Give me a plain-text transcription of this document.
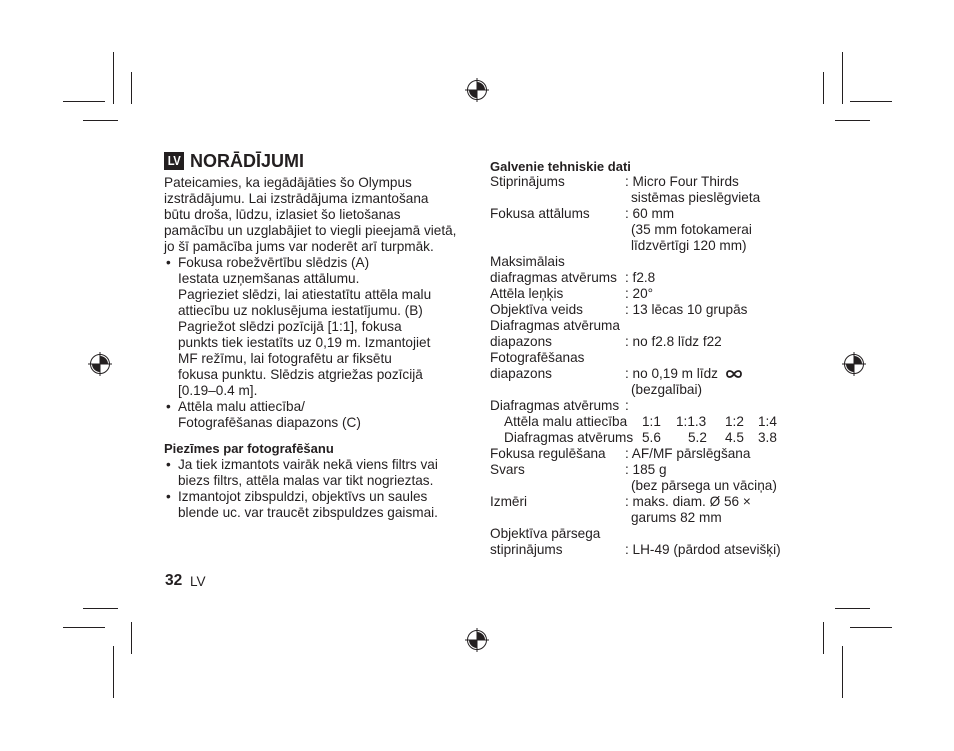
LV NORĀDĪJUMI
Pateicamies, ka iegādājāties šo Olympus
izstrādājumu. Lai izstrādājuma izmantošana
būtu droša, lūdzu, izlasiet šo lietošanas
pamācību un uzglabājiet to viegli pieejamā vietā,
jo šī pamācība jums var noderēt arī turpmāk.
• Fokusa robežvērtību slēdzis (A)
Iestata uzņemšanas attālumu.
Pagrieziet slēdzi, lai atiestatītu attēla malu
attiecību uz noklusējuma iestatījumu. (B)
Pagriežot slēdzi pozīcijā [1:1], fokusa
punkts tiek iestatīts uz 0,19 m. Izmantojiet
MF režīmu, lai fotografētu ar fiksētu
fokusa punktu. Slēdzis atgriežas pozīcijā
[0.19–0.4 m].
• Attēla malu attiecība/
Fotografēšanas diapazons (C)
Piezīmes par fotografēšanu
• Ja tiek izmantots vairāk nekā viens filtrs vai
biezs filtrs, attēla malas var tikt nogrieztas.
• Izmantojot zibspuldzi, objektīvs un saules
blende uc. var traucēt zibspuldzes gaismai.
Galvenie tehniskie dati
Stiprinājums	: Micro Four Thirds
sistēmas pieslēgvieta
Fokusa attālums	: 60 mm
(35 mm fotokamerai
līdzvērtīgi 120 mm)
Maksimālais
diafragmas atvērums : f2.8
Attēla leņķis	: 20°
Objektīva veids	: 13 lēcas 10 grupās
Diafragmas atvēruma
diapazons	: no f2.8 līdz f22
Fotografēšanas
diapazons	: no 0,19 m līdz
(bezgalībai)
Diafragmas atvērums :
Attēla malu attiecība 1:1 1:1.3 1:2 1:4
Diafragmas atvērums 5.6 5.2 4.5 3.8
Fokusa regulēšana : AF/MF pārslēgšana
Svars	: 185 g
(bez pārsega un vāciņa)
Izmēri	: maks. diam. Ø 56 ×
garums 82 mm
Objektīva pārsega
stiprinājums	: LH-49 (pārdod atsevišķi)
32 LV
